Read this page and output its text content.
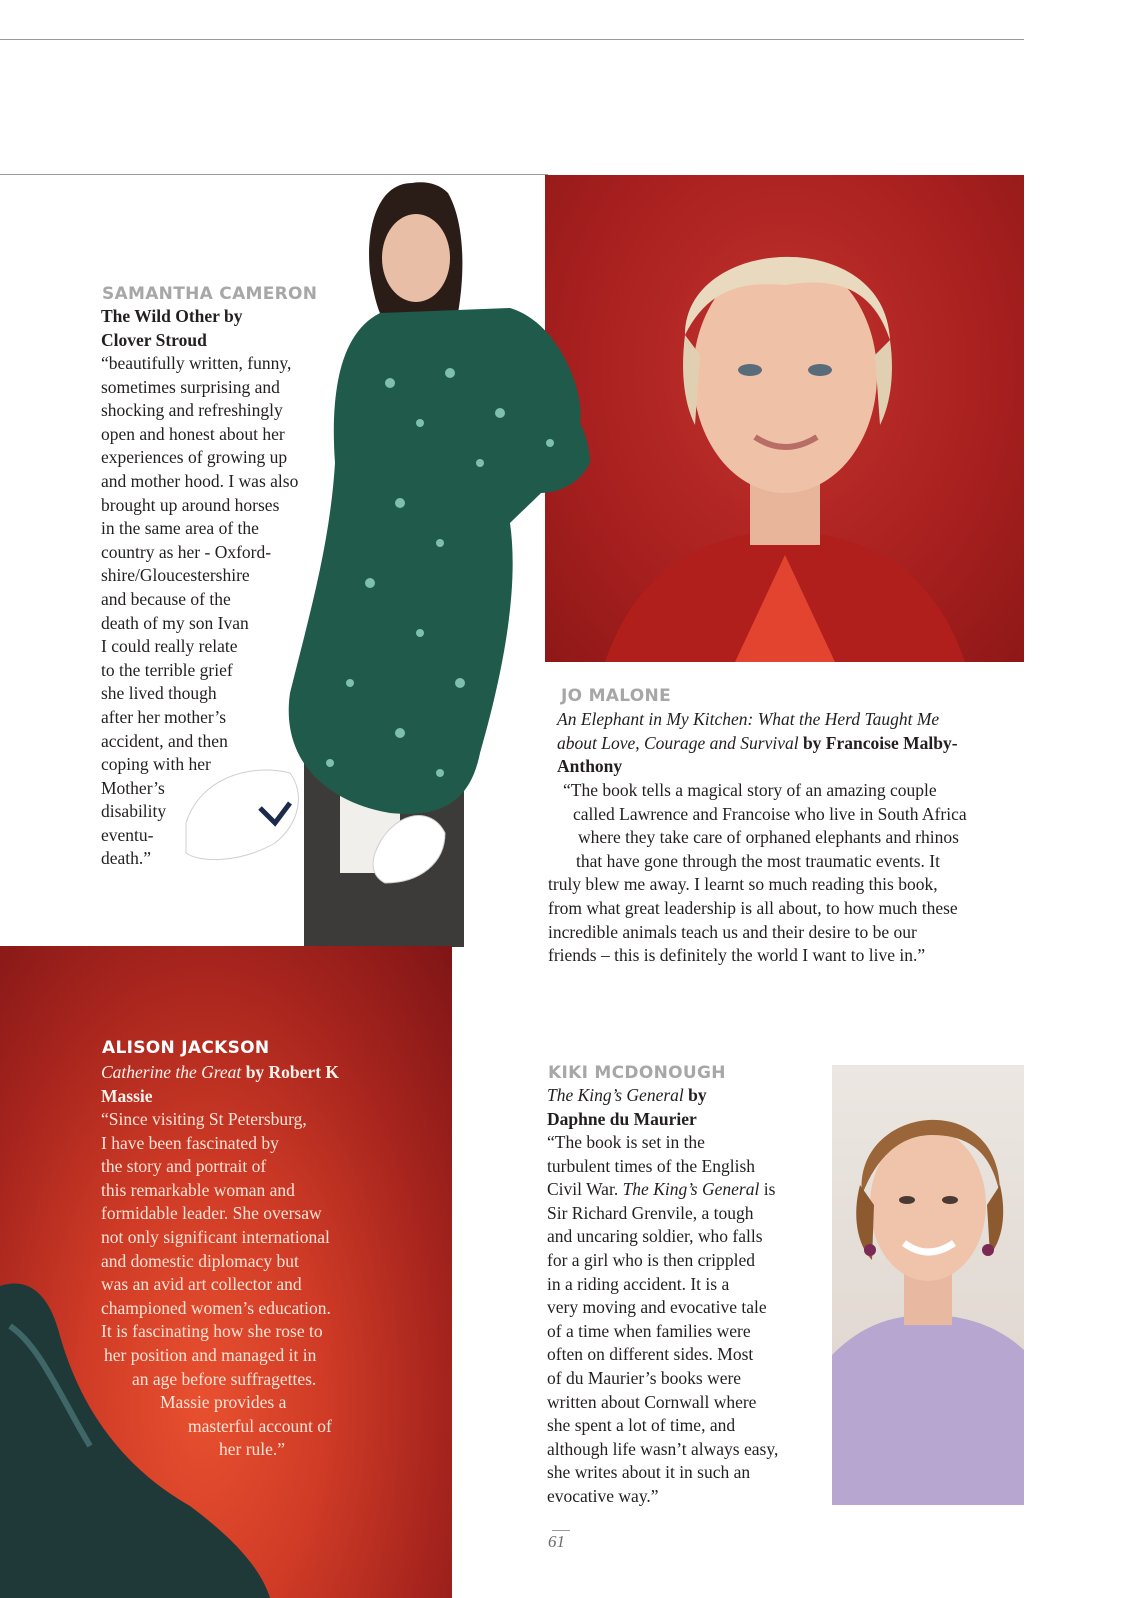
SAMANTHA CAMERON
The Wild Other by
Clover Stroud
“beautifully written, funny,
sometimes surprising and
shocking and refreshingly
open and honest about her
experiences of growing up
and mother hood. I was also
brought up around horses
in the same area of the
country as her - Oxford-
shire/Gloucestershire
and because of the
death of my son Ivan
I could really relate
to the terrible grief
she lived though
after her mother’s
accident, and then
coping with her
Mother’s
disability
eventu-
death.”
JO MALONE
An Elephant in My Kitchen: What the Herd Taught Me
about Love, Courage and Survival by Francoise Malby-
Anthony
“The book tells a magical story of an amazing couple
called Lawrence and Francoise who live in South Africa
where they take care of orphaned elephants and rhinos
that have gone through the most traumatic events. It
truly blew me away. I learnt so much reading this book,
from what great leadership is all about, to how much these
incredible animals teach us and their desire to be our
friends – this is definitely the world I want to live in.”
ALISON JACKSON
Catherine the Great by Robert K
Massie
“Since visiting St Petersburg,
I have been fascinated by
the story and portrait of
this remarkable woman and
formidable leader. She oversaw
not only significant international
and domestic diplomacy but
was an avid art collector and
championed women’s education.
It is fascinating how she rose to
her position and managed it in
an age before suffragettes.
Massie provides a
masterful account of
her rule.”
KIKI MCDONOUGH
The King’s General by
Daphne du Maurier
“The book is set in the
turbulent times of the English
Civil War. The King’s General is
Sir Richard Grenvile, a tough
and uncaring soldier, who falls
for a girl who is then crippled
in a riding accident. It is a
very moving and evocative tale
of a time when families were
often on different sides. Most
of du Maurier’s books were
written about Cornwall where
she spent a lot of time, and
although life wasn’t always easy,
she writes about it in such an
evocative way.”
61
